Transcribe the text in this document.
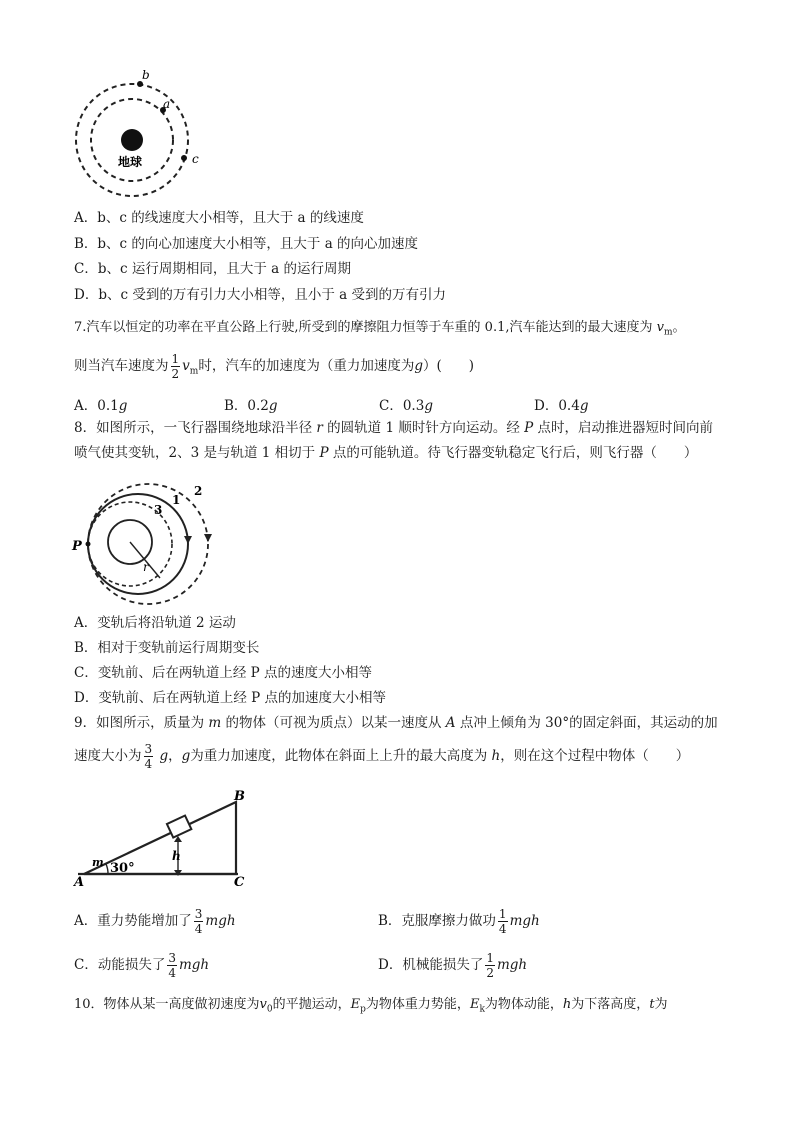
地球
b
a
c
A．b、c 的线速度大小相等，且大于 a 的线速度
B．b、c 的向心加速度大小相等，且大于 a 的向心加速度
C．b、c 运行周期相同，且大于 a 的运行周期
D．b、c 受到的万有引力大小相等，且小于 a 受到的万有引力
7.汽车以恒定的功率在平直公路上行驶,所受到的摩擦阻力恒等于车重的 0.1,汽车能达到的最大速度为 $v_m$。
则当汽车速度为 $\frac{1}{2} v_m$时，汽车的加速度为（重力加速度为g）(　　)
A．0.1g	B．0.2g	C．0.3g	D．0.4g
8．如图所示，一飞行器围绕地球沿半径 r 的圆轨道 1 顺时针方向运动。经 P 点时，启动推进器短时间向前
喷气使其变轨，2、3 是与轨道 1 相切于 P 点的可能轨道。待飞行器变轨稳定飞行后，则飞行器（　　）
P
r
1
2
3
A．变轨后将沿轨道 2 运动
B．相对于变轨前运行周期变长
C．变轨前、后在两轨道上经 P 点的速度大小相等
D．变轨前、后在两轨道上经 P 点的加速度大小相等
9．如图所示，质量为 m 的物体（可视为质点）以某一速度从 A 点冲上倾角为 30°的固定斜面，其运动的加
速度大小为 $\frac{3}{4}$ g，g为重力加速度，此物体在斜面上上升的最大高度为 h，则在这个过程中物体（　　）
h
30°
m
A
B
C
A．重力势能增加了 $\frac{3}{4}$ mgh	B．克服摩擦力做功 $\frac{1}{4}$ mgh
C．动能损失了 $\frac{3}{4}$ mgh	D．机械能损失了 $\frac{1}{2}$ mgh
10．物体从某一高度做初速度为$v_0$的平抛运动，$E_p$为物体重力势能，$E_k$为物体动能，h为下落高度，t为
